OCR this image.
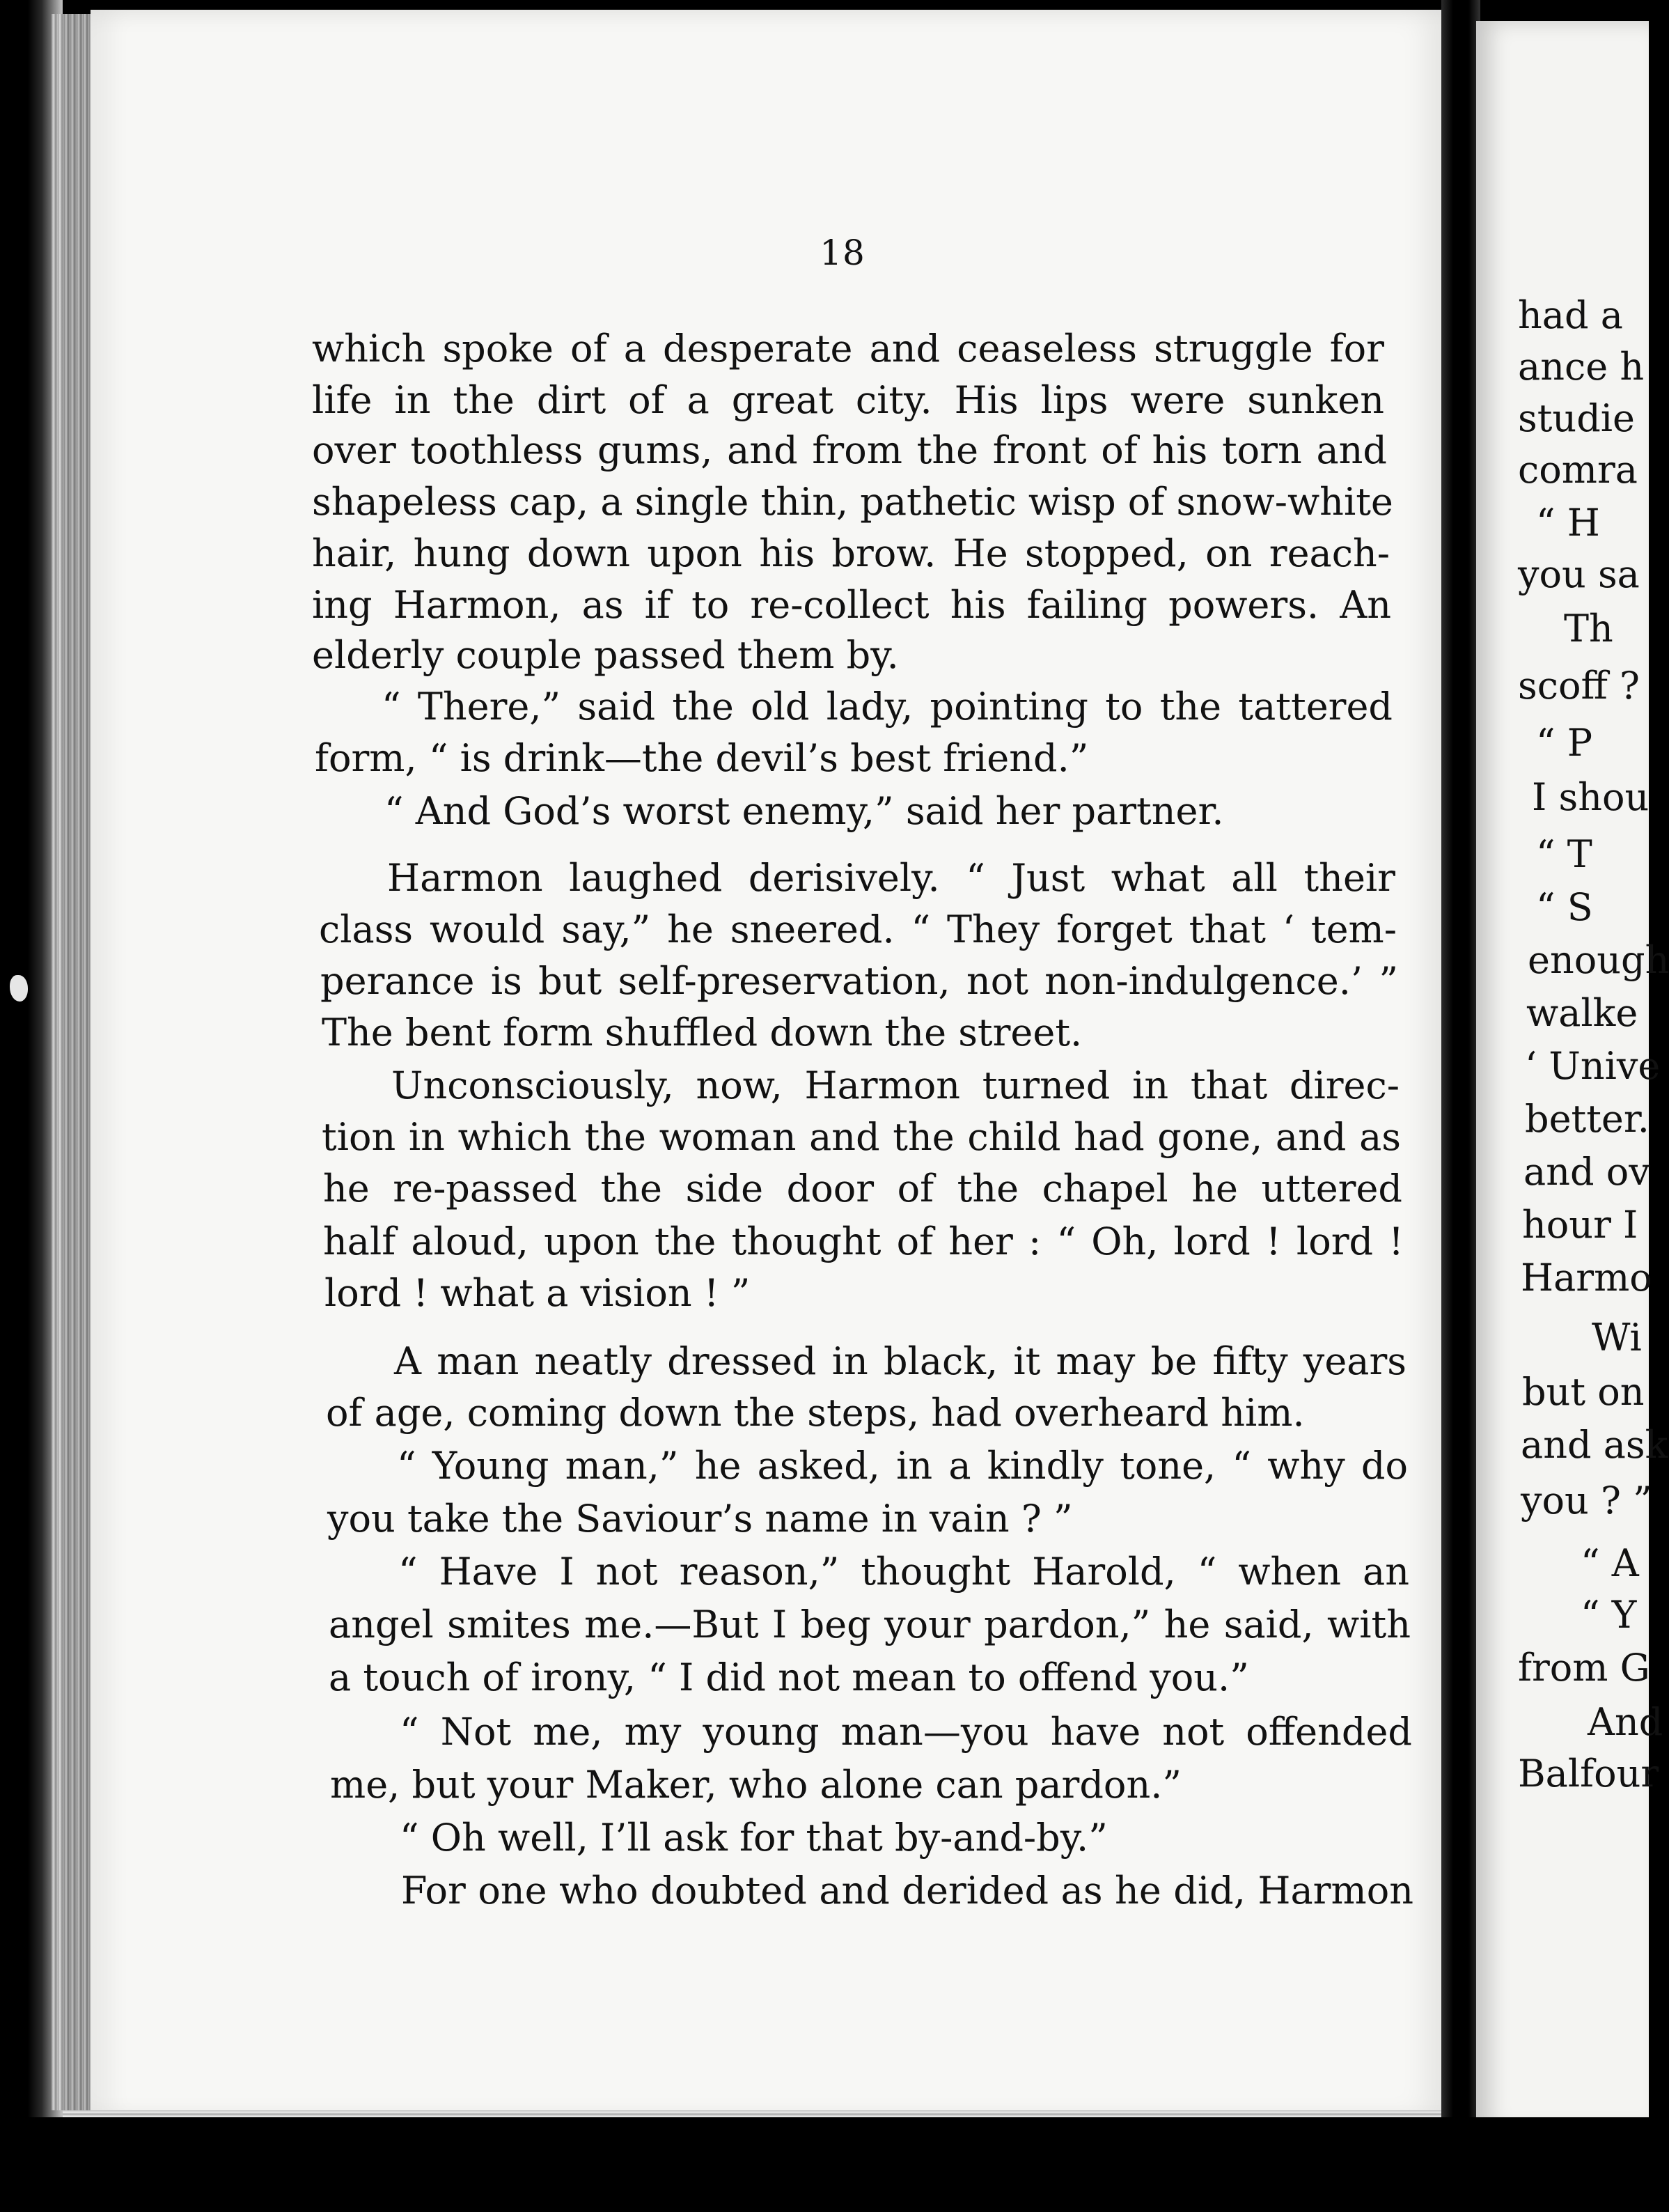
18
which spoke of a desperate and ceaseless struggle for
life in the dirt of a great city. His lips were sunken
over toothless gums, and from the front of his torn and
shapeless cap, a single thin, pathetic wisp of snow-white
hair, hung down upon his brow. He stopped, on reach-
ing Harmon, as if to re-collect his failing powers. An
elderly couple passed them by.
“ There,” said the old lady, pointing to the tattered
form, “ is drink—the devil’s best friend.”
“ And God’s worst enemy,” said her partner.
Harmon laughed derisively. “ Just what all their
class would say,” he sneered. “ They forget that ‘ tem-
perance is but self-preservation, not non-indulgence.’ ”
The bent form shuffled down the street.
Unconsciously, now, Harmon turned in that direc-
tion in which the woman and the child had gone, and as
he re-passed the side door of the chapel he uttered
half aloud, upon the thought of her : “ Oh, lord ! lord !
lord ! what a vision ! ”
A man neatly dressed in black, it may be fifty years
of age, coming down the steps, had overheard him.
“ Young man,” he asked, in a kindly tone, “ why do
you take the Saviour’s name in vain ? ”
“ Have I not reason,” thought Harold, “ when an
angel smites me.—But I beg your pardon,” he said, with
a touch of irony, “ I did not mean to offend you.”
“ Not me, my young man—you have not offended
me, but your Maker, who alone can pardon.”
“ Oh well, I’ll ask for that by-and-by.”
For one who doubted and derided as he did, Harmon
had a
ance h
studie
comra
“ H
you sa
Th
scoff ?
“ P
I shou
“ T
“ S
enough
walke
‘ Unive
better.
and ov
hour I
Harmo
Wi
but on
and ask
you ? ”
“ A
“ Y
from G
And
Balfour
